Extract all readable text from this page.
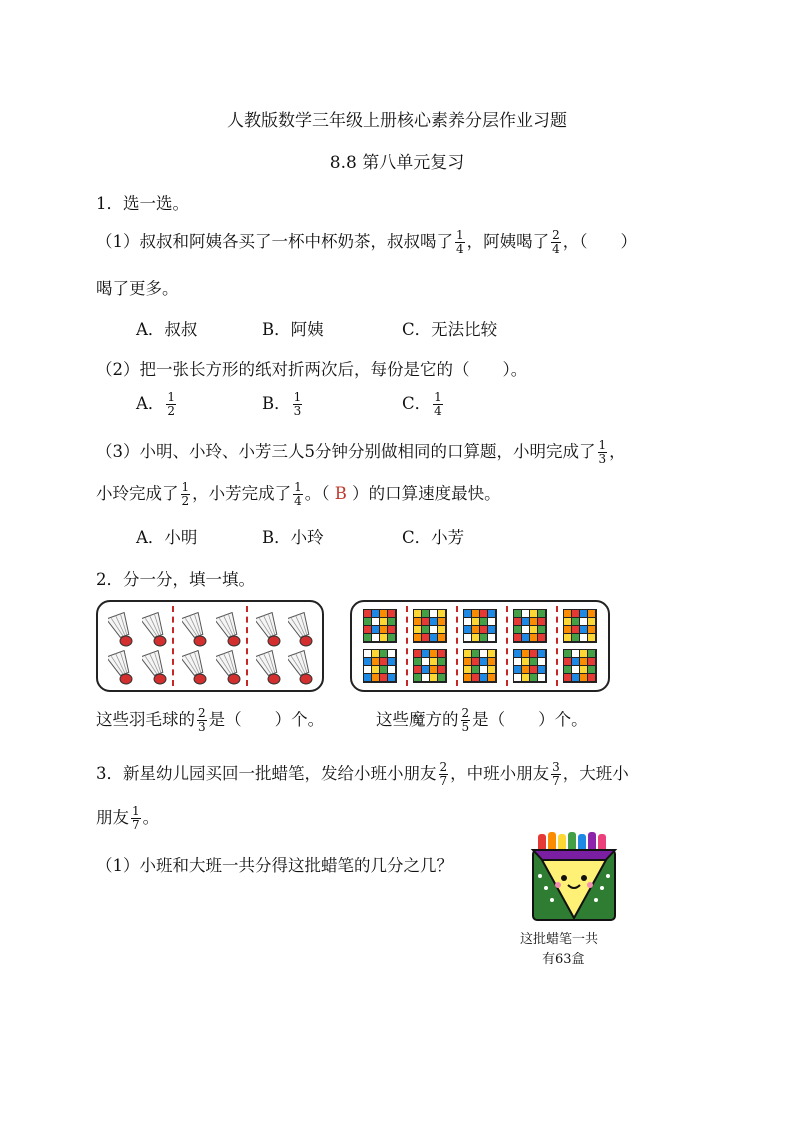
人教版数学三年级上册核心素养分层作业习题
8.8 第八单元复习
1．选一选。
（1）叔叔和阿姨各买了一杯中杯奶茶，叔叔喝了 $\frac{1}{4}$ ，阿姨喝了 $\frac{2}{4}$ ，（　　）
喝了更多。
A．叔叔	B．阿姨	C．无法比较
（2）把一张长方形的纸对折两次后，每份是它的（　　）。
A． $\frac{1}{2}$	B． $\frac{1}{3}$	C． $\frac{1}{4}$
（3）小明、小玲、小芳三人5分钟分别做相同的口算题，小明完成了 $\frac{1}{3}$ ，
小玲完成了 $\frac{1}{2}$ ，小芳完成了 $\frac{1}{4}$ 。（ B ）的口算速度最快。
A．小明	B．小玲	C．小芳
2．分一分，填一填。
这些羽毛球的 $\frac{2}{3}$ 是（　　）个。	这些魔方的 $\frac{2}{5}$ 是（　　）个。
3．新星幼儿园买回一批蜡笔，发给小班小朋友 $\frac{2}{7}$ ，中班小朋友 $\frac{3}{7}$ ，大班小
朋友 $\frac{1}{7}$ 。
（1）小班和大班一共分得这批蜡笔的几分之几？
这批蜡笔一共
有63盒
